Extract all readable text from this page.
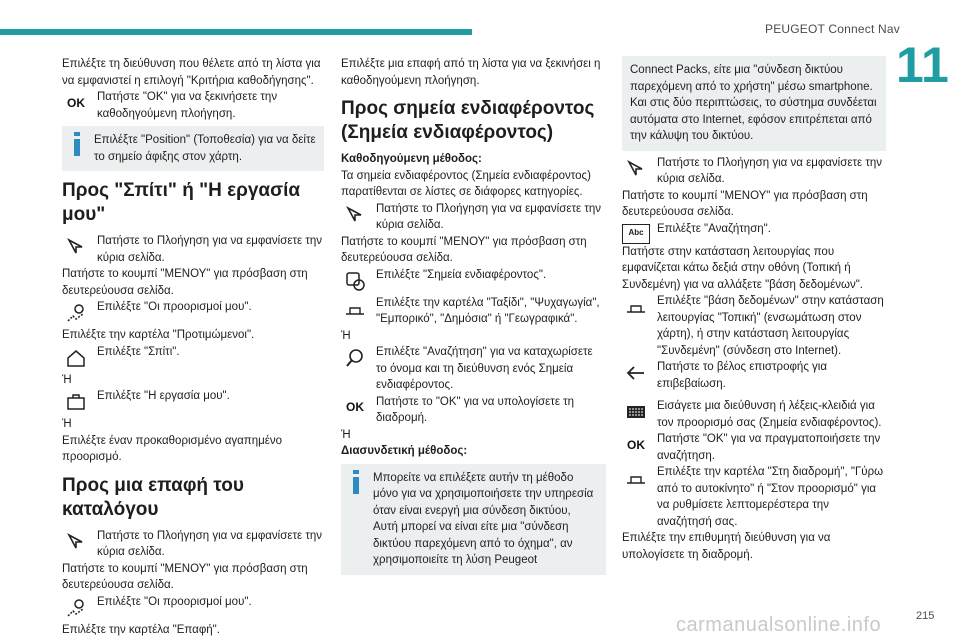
PEUGEOT Connect Nav
11

Επιλέξτε τη διεύθυνση που θέλετε από τη λίστα για να εμφανιστεί η επιλογή "Κριτήρια καθοδήγησης".

OK	Πατήστε "OK" για να ξεκινήσετε την καθοδηγούμενη πλοήγηση.

Επιλέξτε "Position" (Τοποθεσία) για να δείτε το σημείο άφιξης στον χάρτη.

Προς "Σπίτι" ή "Η εργασία μου"

Πατήστε το Πλοήγηση για να εμφανίσετε την κύρια σελίδα.

Πατήστε το κουμπί "ΜΕΝΟΥ" για πρόσβαση στη δευτερεύουσα σελίδα.

Επιλέξτε "Οι προορισμοί μου".

Επιλέξτε την καρτέλα "Προτιμώμενοι".

Επιλέξτε "Σπίτι".

Ή

Επιλέξτε "Η εργασία μου".

Ή

Επιλέξτε έναν προκαθορισμένο αγαπημένο προορισμό.

Προς μια επαφή του καταλόγου

Πατήστε το Πλοήγηση για να εμφανίσετε την κύρια σελίδα.

Πατήστε το κουμπί "ΜΕΝΟΥ" για πρόσβαση στη δευτερεύουσα σελίδα.

Επιλέξτε "Οι προορισμοί μου".

Επιλέξτε την καρτέλα "Επαφή".

Επιλέξτε μια επαφή από τη λίστα για να ξεκινήσει η καθοδηγούμενη πλοήγηση.

Προς σημεία ενδιαφέροντος (Σημεία ενδιαφέροντος)

Καθοδηγούμενη μέθοδος:

Τα σημεία ενδιαφέροντος (Σημεία ενδιαφέροντος) παρατίθενται σε λίστες σε διάφορες κατηγορίες.

Πατήστε το Πλοήγηση για να εμφανίσετε την κύρια σελίδα.

Πατήστε το κουμπί "ΜΕΝΟΥ" για πρόσβαση στη δευτερεύουσα σελίδα.

Επιλέξτε "Σημεία ενδιαφέροντος".

Επιλέξτε την καρτέλα "Ταξίδι", "Ψυχαγωγία", "Εμπορικό", "Δημόσια" ή "Γεωγραφικά".

Ή

Επιλέξτε "Αναζήτηση" για να καταχωρίσετε το όνομα και τη διεύθυνση ενός Σημεία ενδιαφέροντος.

OK	Πατήστε το "OK" για να υπολογίσετε τη διαδρομή.

Ή

Διασυνδετική μέθοδος:

Μπορείτε να επιλέξετε αυτήν τη μέθοδο μόνο για να χρησιμοποιήσετε την υπηρεσία όταν είναι ενεργή μια σύνδεση δικτύου, Αυτή μπορεί να είναι είτε μια "σύνδεση δικτύου παρεχόμενη από το όχημα", αν χρησιμοποιείτε τη λύση Peugeot

Connect Packs, είτε μια "σύνδεση δικτύου παρεχόμενη από το χρήστη" μέσω smartphone. Και στις δύο περιπτώσεις, το σύστημα συνδέεται αυτόματα στο Internet, εφόσον επιτρέπεται από την κάλυψη του δικτύου.

Πατήστε το Πλοήγηση για να εμφανίσετε την κύρια σελίδα.

Πατήστε το κουμπί "ΜΕΝΟΥ" για πρόσβαση στη δευτερεύουσα σελίδα.

Abc	Επιλέξτε "Αναζήτηση".

Πατήστε στην κατάσταση λειτουργίας που εμφανίζεται κάτω δεξιά στην οθόνη (Τοπική ή Συνδεμένη) για να αλλάξετε "βάση δεδομένων".

Επιλέξτε "βάση δεδομένων" στην κατάσταση λειτουργίας "Τοπική" (ενσωμάτωση στον χάρτη), ή στην κατάσταση λειτουργίας "Συνδεμένη" (σύνδεση στο Internet).

Πατήστε το βέλος επιστροφής για επιβεβαίωση.

Εισάγετε μια διεύθυνση ή λέξεις-κλειδιά για τον προορισμό σας (Σημεία ενδιαφέροντος).

OK	Πατήστε "OK" για να πραγματοποιήσετε την αναζήτηση.

Επιλέξτε την καρτέλα "Στη διαδρομή", "Γύρω από το αυτοκίνητο" ή "Στον προορισμό" για να ρυθμίσετε λεπτομερέστερα την αναζήτησή σας.

Επιλέξτε την επιθυμητή διεύθυνση για να υπολογίσετε τη διαδρομή.

215
carmanualsonline.info
